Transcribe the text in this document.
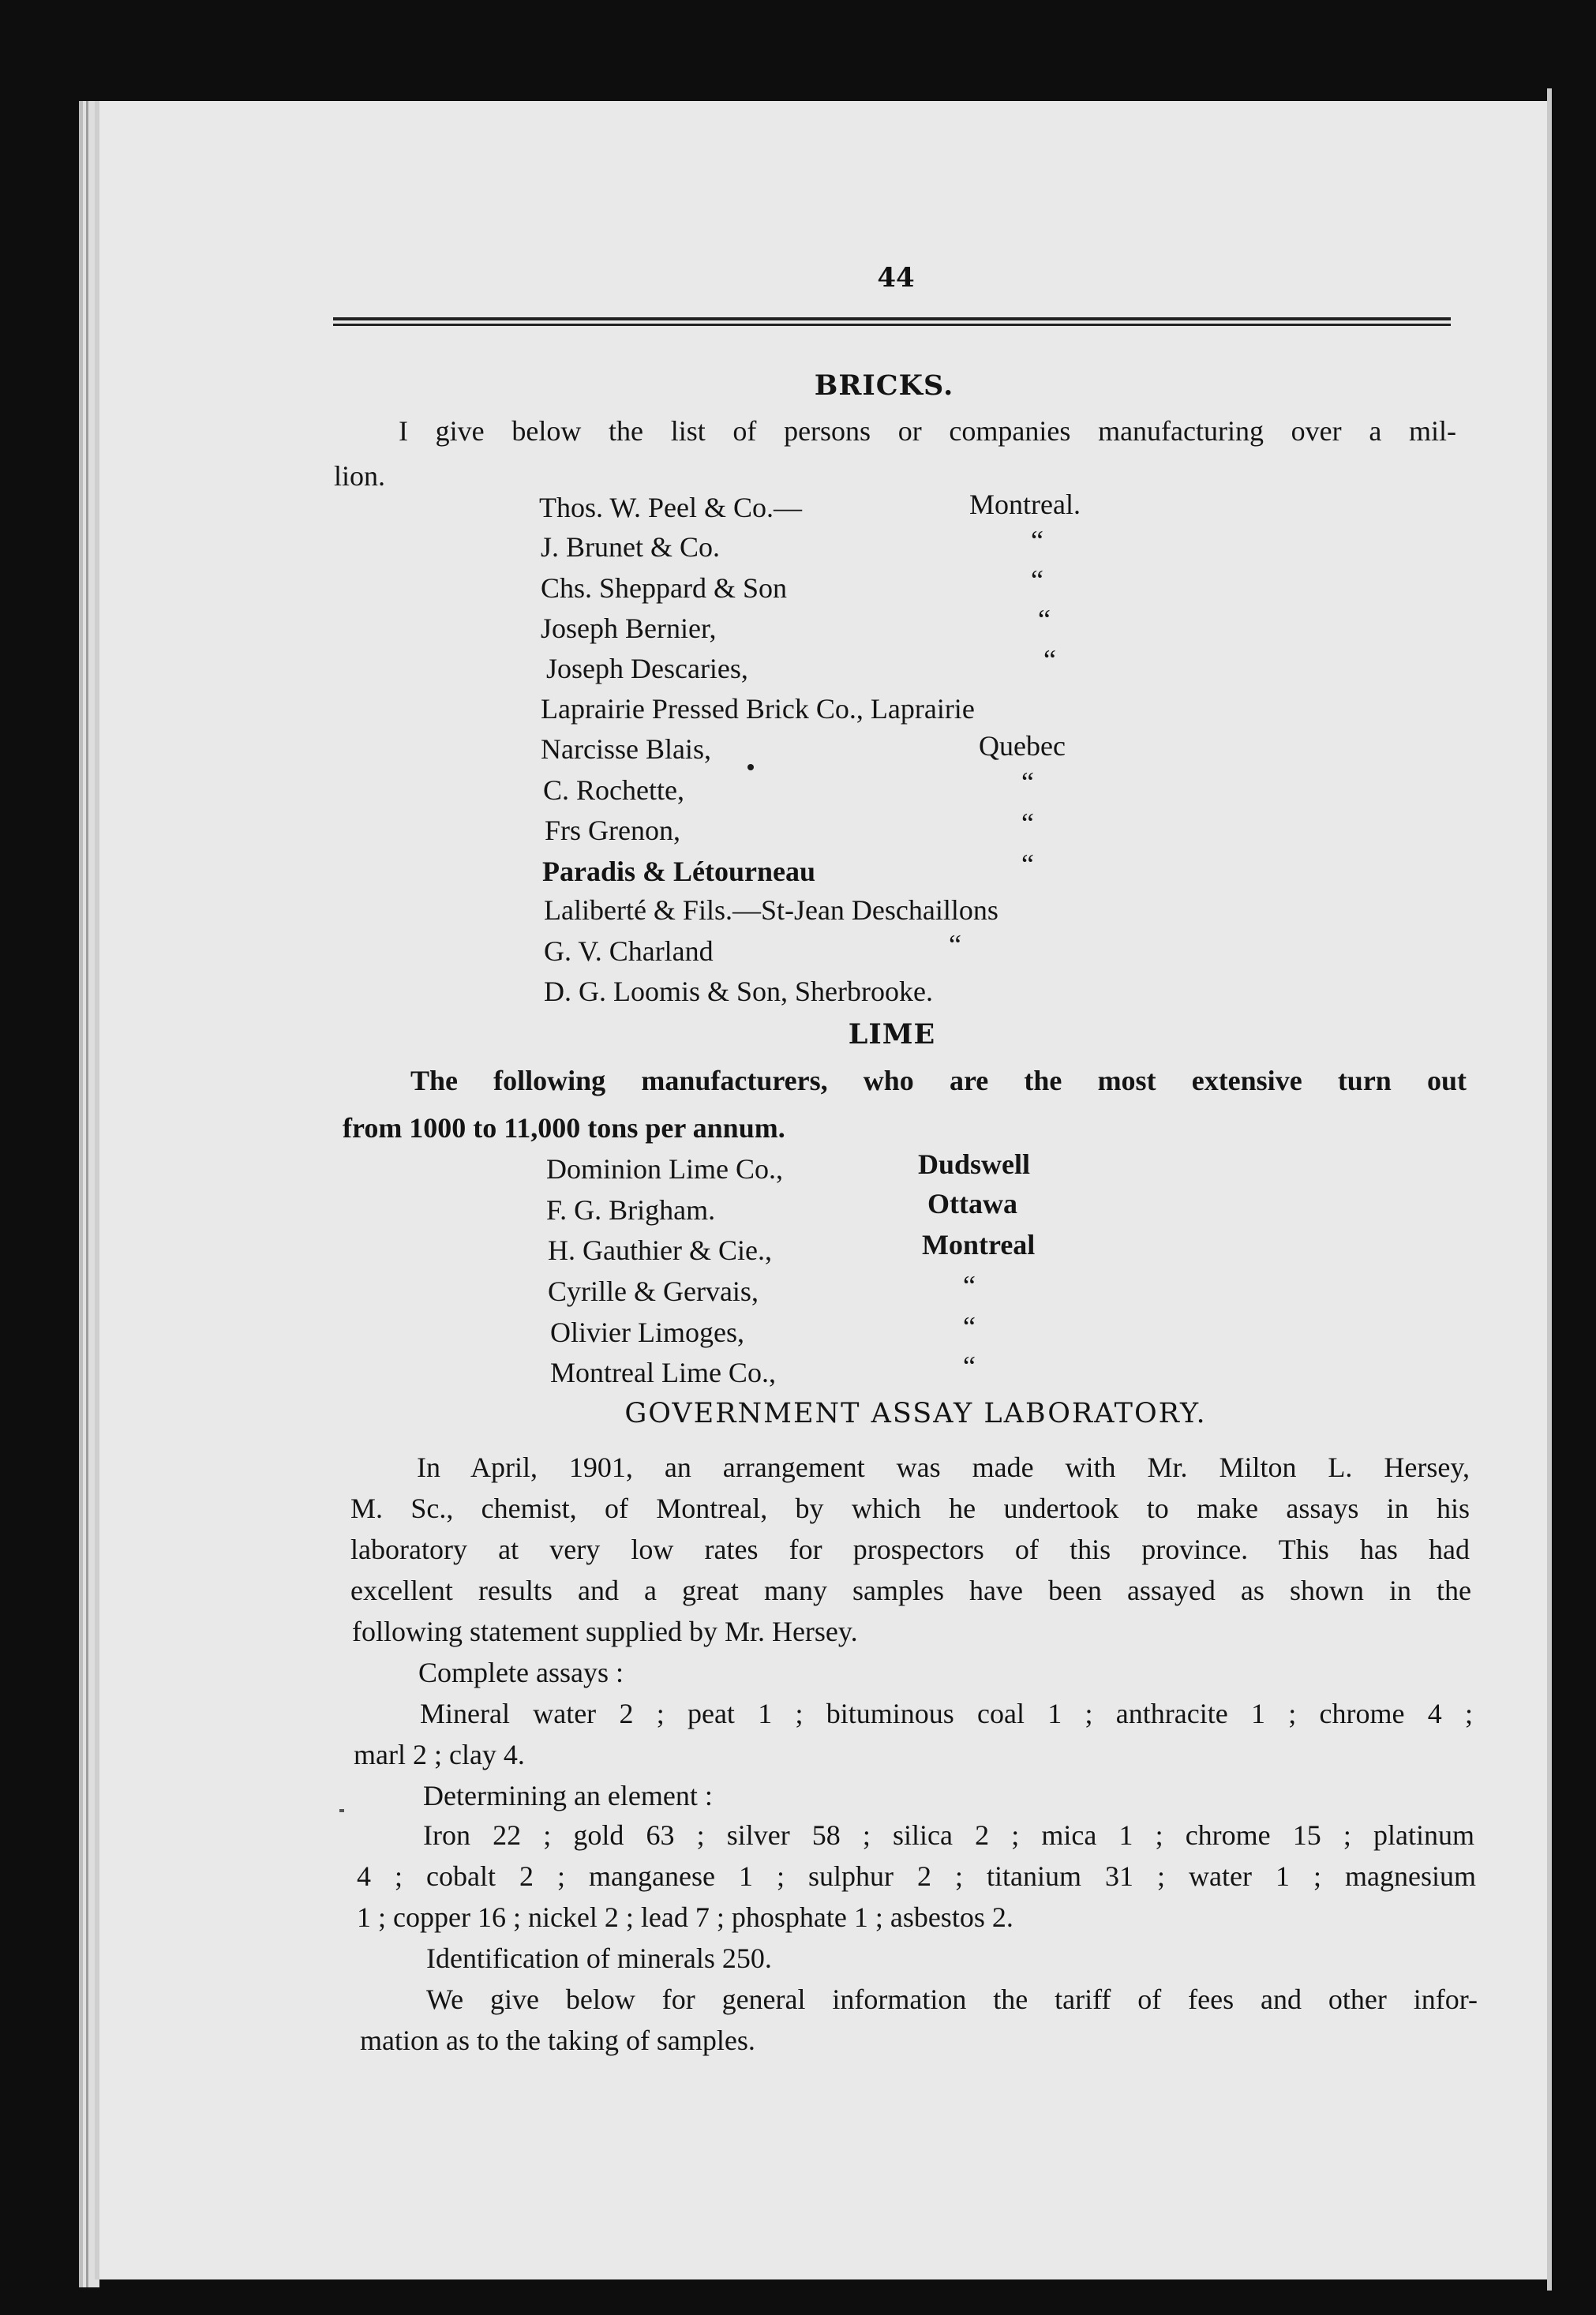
44
BRICKS.
I give below the list of persons or companies manufacturing over a mil-
lion.
Thos. W. Peel & Co.—	Montreal.
J. Brunet & Co.	“
Chs. Sheppard & Son	“
Joseph Bernier,	“
Joseph Descaries,	“
Laprairie Pressed Brick Co., Laprairie
Narcisse Blais,	Quebec
C. Rochette,	“
Frs Grenon,	“
Paradis & Létourneau	“
Laliberté & Fils.—St-Jean Deschaillons
G. V. Charland	“
D. G. Loomis & Son, Sherbrooke.
LIME
The following manufacturers, who are the most extensive turn out
from 1000 to 11,000 tons per annum.
Dominion Lime Co.,	Dudswell
F. G. Brigham.	Ottawa
H. Gauthier & Cie.,	Montreal
Cyrille & Gervais,	“
Olivier Limoges,	“
Montreal Lime Co.,	“
GOVERNMENT ASSAY LABORATORY.
In April, 1901, an arrangement was made with Mr. Milton L. Hersey,
M. Sc., chemist, of Montreal, by which he undertook to make assays in his
laboratory at very low rates for prospectors of this province. This has had
excellent results and a great many samples have been assayed as shown in the
following statement supplied by Mr. Hersey.
Complete assays :
Mineral water 2 ; peat 1 ; bituminous coal 1 ; anthracite 1 ; chrome 4 ;
marl 2 ; clay 4.
Determining an element :
Iron 22 ; gold 63 ; silver 58 ; silica 2 ; mica 1 ; chrome 15 ; platinum
4 ; cobalt 2 ; manganese 1 ; sulphur 2 ; titanium 31 ; water 1 ; magnesium
1 ; copper 16 ; nickel 2 ; lead 7 ; phosphate 1 ; asbestos 2.
Identification of minerals 250.
We give below for general information the tariff of fees and other infor-
mation as to the taking of samples.
